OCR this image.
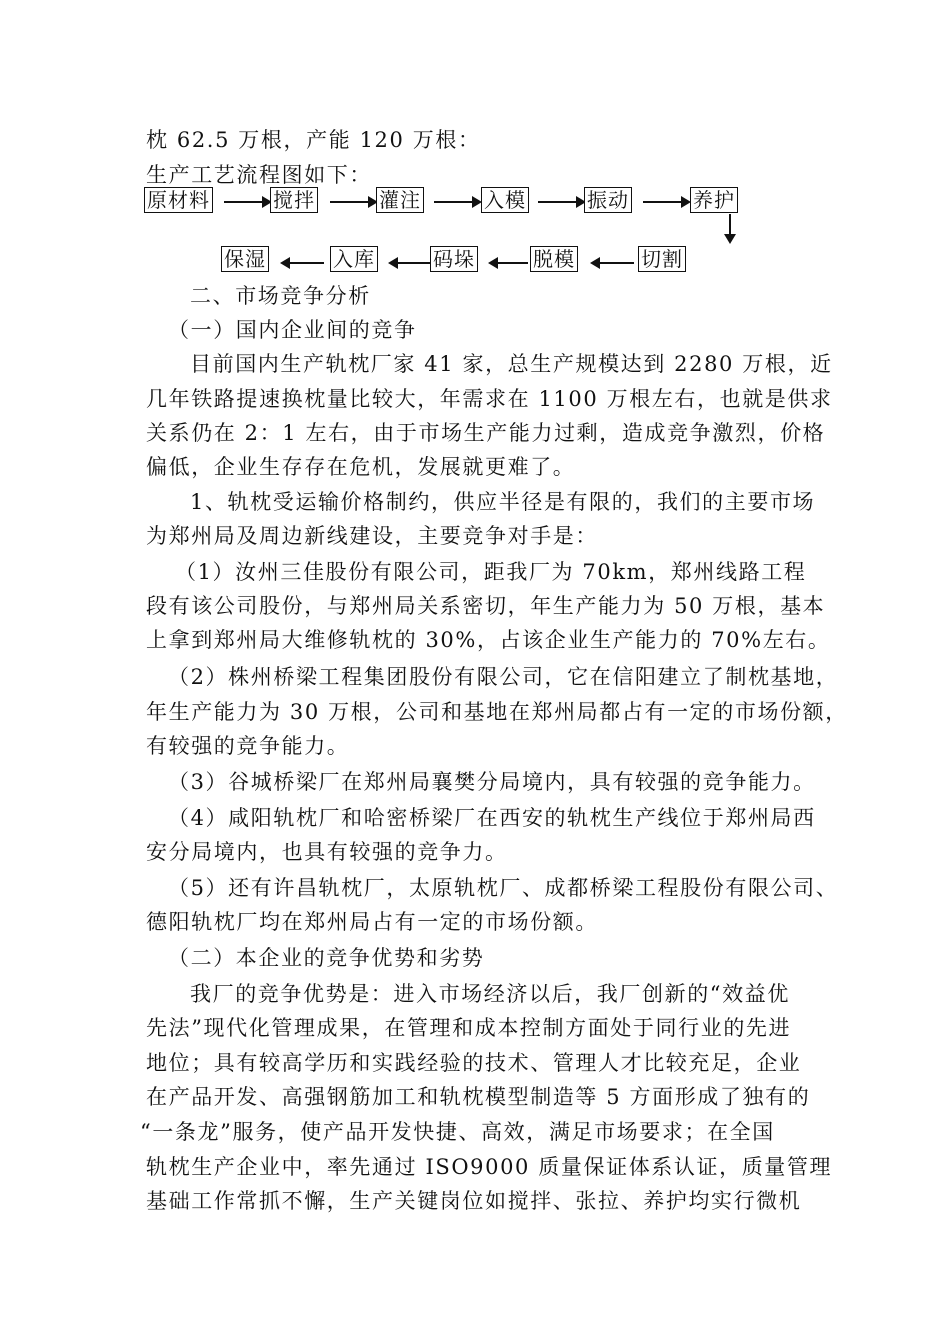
枕 62.5 万根，产能 120 万根：
生产工艺流程图如下：
原材料	搅拌	灌注	入模	振动	养护
保湿	入库	码垛	脱模	切割
二、市场竞争分析
（一）国内企业间的竞争
目前国内生产轨枕厂家 41 家，总生产规模达到 2280 万根，近
几年铁路提速换枕量比较大，年需求在 1100 万根左右，也就是供求
关系仍在 2：1 左右，由于市场生产能力过剩，造成竞争激烈，价格
偏低，企业生存存在危机，发展就更难了。
1、轨枕受运输价格制约，供应半径是有限的，我们的主要市场
为郑州局及周边新线建设，主要竞争对手是：
（1）汝州三佳股份有限公司，距我厂为 70km，郑州线路工程
段有该公司股份，与郑州局关系密切，年生产能力为 50 万根，基本
上拿到郑州局大维修轨枕的 30%，占该企业生产能力的 70%左右。
（2）株州桥梁工程集团股份有限公司，它在信阳建立了制枕基地，
年生产能力为 30 万根，公司和基地在郑州局都占有一定的市场份额，
有较强的竞争能力。
（3）谷城桥梁厂在郑州局襄樊分局境内，具有较强的竞争能力。
（4）咸阳轨枕厂和哈密桥梁厂在西安的轨枕生产线位于郑州局西
安分局境内，也具有较强的竞争力。
（5）还有许昌轨枕厂，太原轨枕厂、成都桥梁工程股份有限公司、
德阳轨枕厂均在郑州局占有一定的市场份额。
（二）本企业的竞争优势和劣势
我厂的竞争优势是：进入市场经济以后，我厂创新的“效益优
先法”现代化管理成果，在管理和成本控制方面处于同行业的先进
地位；具有较高学历和实践经验的技术、管理人才比较充足，企业
在产品开发、高强钢筋加工和轨枕模型制造等 5 方面形成了独有的
“一条龙”服务，使产品开发快捷、高效，满足市场要求；在全国
轨枕生产企业中，率先通过 ISO9000 质量保证体系认证，质量管理
基础工作常抓不懈，生产关键岗位如搅拌、张拉、养护均实行微机
